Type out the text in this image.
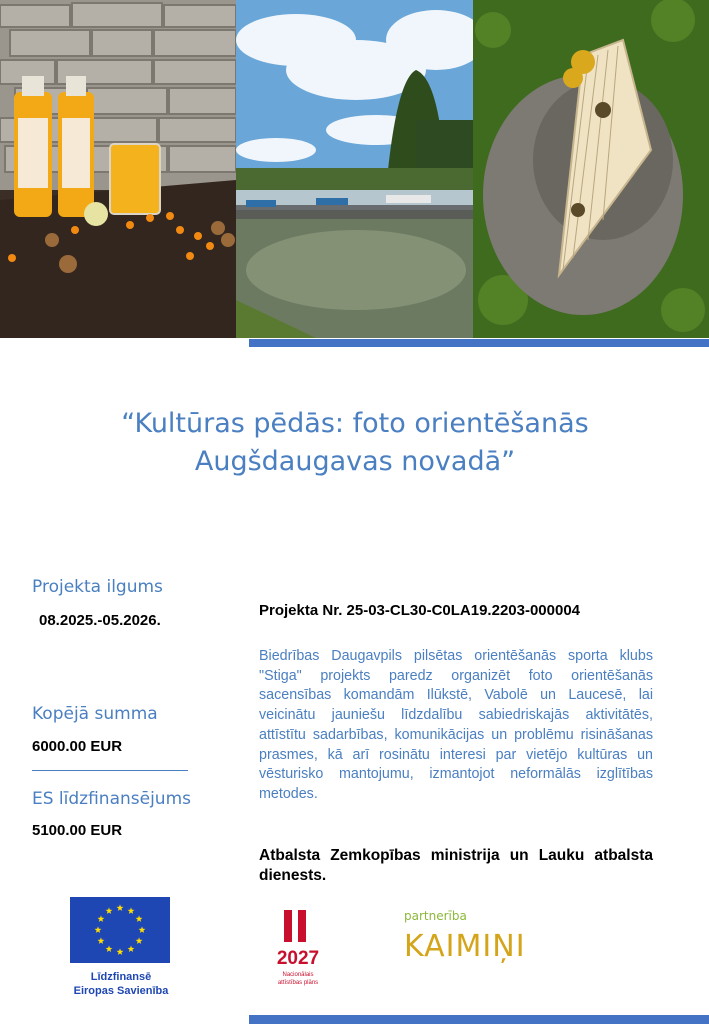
“Kultūras pēdās: foto orientēšanās
Augšdaugavas novadā”
Projekta ilgums
08.2025.-05.2026.
Kopējā summa
6000.00 EUR
ES līdzfinansējums
5100.00 EUR
Projekta Nr. 25-03-CL30-C0LA19.2203-000004

Biedrības Daugavpils pilsētas orientēšanās sporta klubs "Stiga" projekts paredz organizēt foto orientēšanās sacensības komandām Ilūkstē, Vabolē un Laucesē, lai veicinātu jauniešu līdzdalību sabiedriskajās aktivitātēs, attīstītu sadarbības, komunikācijas un problēmu risināšanas prasmes, kā arī rosinātu interesi par vietējo kultūras un vēsturisko mantojumu, izmantojot neformālās izglītības metodes.

Atbalsta Zemkopības ministrija un Lauku atbalsta dienests.

Līdzfinansē
Eiropas Savienība
2027
Nacionālais
attīstības plāns
partnerība
KAIMIŅI
